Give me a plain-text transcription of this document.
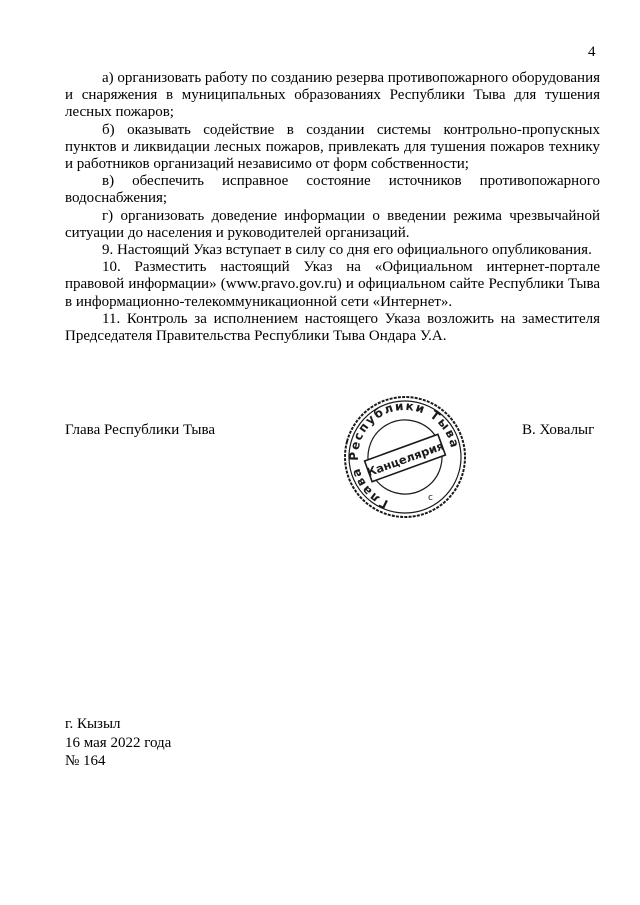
4

а) организовать работу по созданию резерва противопожарного оборудования и снаряжения в муниципальных образованиях Республики Тыва для тушения лесных пожаров;

б) оказывать содействие в создании системы контрольно-пропускных пунктов и ликвидации лесных пожаров, привлекать для тушения пожаров технику и работников организаций независимо от форм собственности;

в) обеспечить исправное состояние источников противопожарного водоснабжения;

г) организовать доведение информации о введении режима чрезвычайной ситуации до населения и руководителей организаций.

9. Настоящий Указ вступает в силу со дня его официального опубликования.

10. Разместить настоящий Указ на «Официальном интернет-портале правовой информации» (www.pravo.gov.ru) и официальном сайте Республики Тыва в информационно-телекоммуникационной сети «Интернет».

11. Контроль за исполнением настоящего Указа возложить на заместителя Председателя Правительства Республики Тыва Ондара У.А.

Глава Республики Тыва	В. Ховалыг
Глава Республики Тыва
Канцелярия
с
г. Кызыл
16 мая 2022 года
№ 164
